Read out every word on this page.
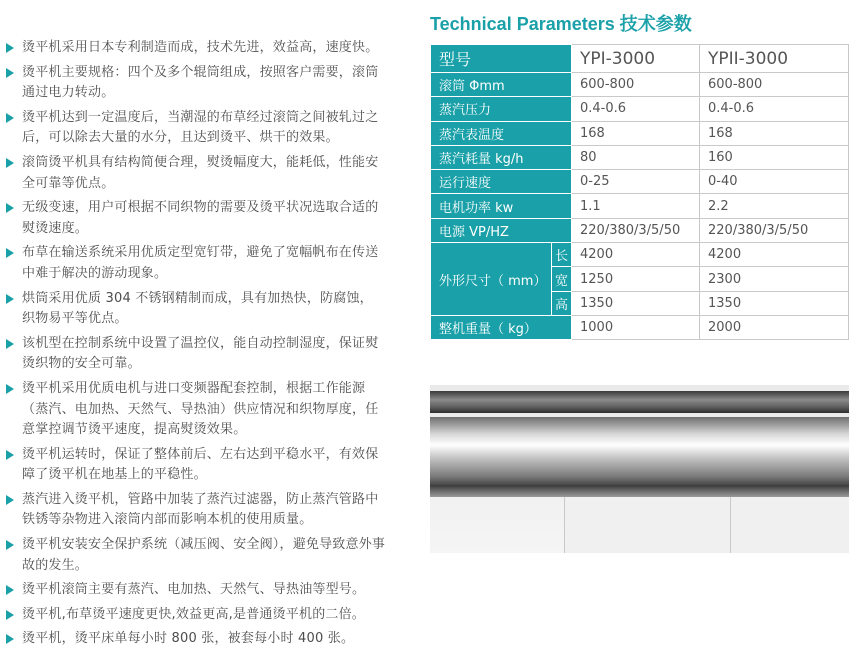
烫平机采用日本专利制造而成，技术先进，效益高，速度快。
烫平机主要规格：四个及多个辊筒组成，按照客户需要，滚筒通过电力转动。
烫平机达到一定温度后，当潮湿的布草经过滚筒之间被轧过之后，可以除去大量的水分，且达到烫平、烘干的效果。
滚筒烫平机具有结构简便合理，熨烫幅度大，能耗低，性能安全可靠等优点。
无级变速，用户可根据不同织物的需要及烫平状况选取合适的熨烫速度。
布草在输送系统采用优质定型宽钉带，避免了宽幅帆布在传送中难于解决的游动现象。
烘筒采用优质 304 不锈钢精制而成，具有加热快，防腐蚀，织物易平等优点。
该机型在控制系统中设置了温控仪，能自动控制湿度，保证熨烫织物的安全可靠。
烫平机采用优质电机与进口变频器配套控制，根据工作能源（蒸汽、电加热、天然气、导热油）供应情况和织物厚度，任意掌控调节烫平速度，提高熨烫效果。
烫平机运转时，保证了整体前后、左右达到平稳水平，有效保障了烫平机在地基上的平稳性。
蒸汽进入烫平机，管路中加装了蒸汽过滤器，防止蒸汽管路中铁锈等杂物进入滚筒内部而影响本机的使用质量。
烫平机安装安全保护系统（减压阀、安全阀），避免导致意外事故的发生。
烫平机滚筒主要有蒸汽、电加热、天然气、导热油等型号。
烫平机,布草烫平速度更快,效益更高,是普通烫平机的二倍。
烫平机，烫平床单每小时 800 张，被套每小时 400 张。
Technical Parameters 技术参数
型号		YPI-3000	YPII-3000
滚筒 Φmm		600-800	600-800
蒸汽压力		0.4-0.6	0.4-0.6
蒸汽表温度		168	168
蒸汽耗量 kg/h		80	160
运行速度		0-25	0-40
电机功率 kw		1.1	2.2
电源 VP/HZ		220/380/3/5/50	220/380/3/5/50
外形尺寸（ mm）	长	4200	4200
	宽	1250	2300
	高	1350	1350
整机重量（ kg）		1000	2000
